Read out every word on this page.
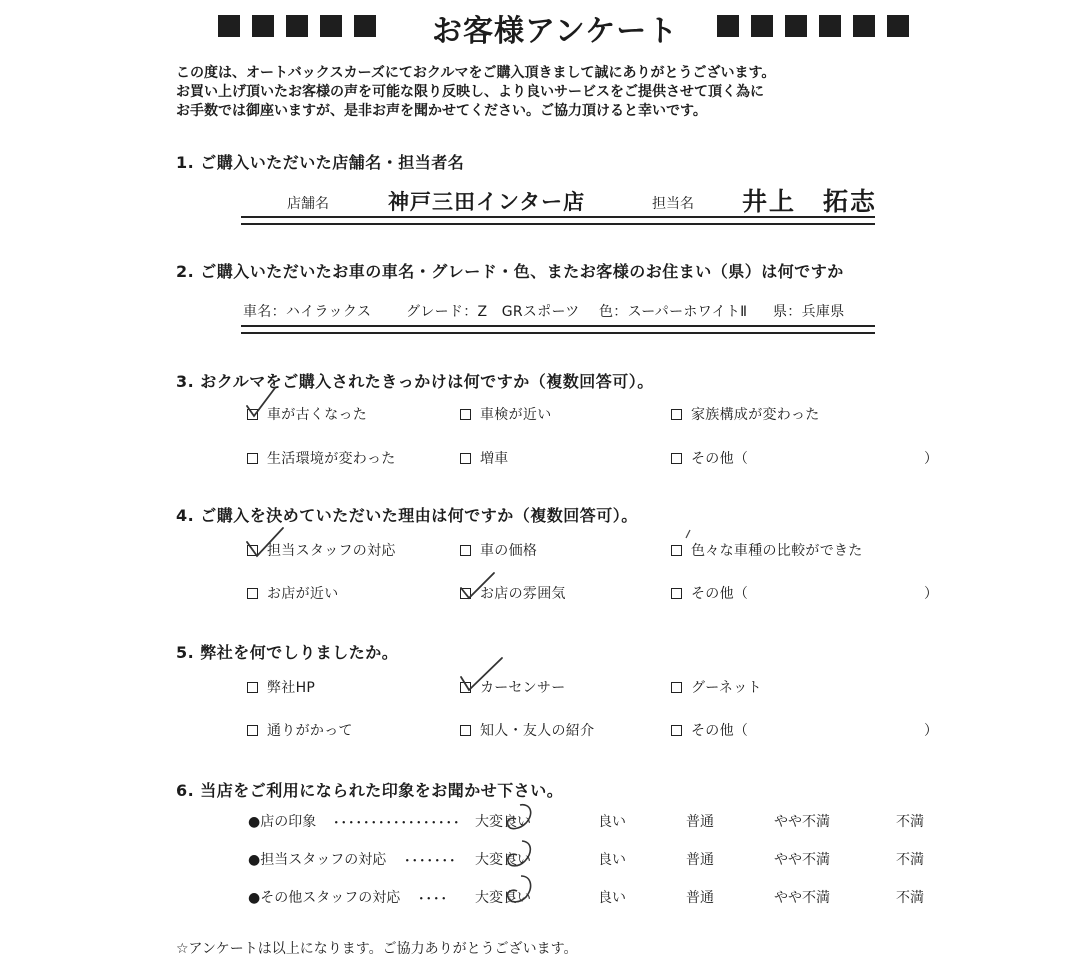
お客様アンケート
この度は、オートバックスカーズにておクルマをご購入頂きまして誠にありがとうございます。
お買い上げ頂いたお客様の声を可能な限り反映し、より良いサービスをご提供させて頂く為に
お手数では御座いますが、是非お声を聞かせてください。ご協力頂けると幸いです。
1. ご購入いただいた店舗名・担当者名
店舗名	神戸三田インター店	担当名 井上　拓志
2. ご購入いただいたお車の車名・グレード・色、またお客様のお住まい（県）は何ですか
車名：ハイラックス グレード：Z　GRスポーツ 色：スーパーホワイトⅡ 県：兵庫県
3. おクルマをご購入されたきっかけは何ですか（複数回答可）。
車が古くなった	車検が近い	家族構成が変わった
生活環境が変わった	増車	その他（	）
4. ご購入を決めていただいた理由は何ですか（複数回答可）。
担当スタッフの対応	車の価格	色々な車種の比較ができた
お店が近い	お店の雰囲気	その他（	）
5. 弊社を何でしりましたか。
弊社HP	カーセンサー	グーネット
通りがかって	知人・友人の紹介	その他（	）
6. 当店をご利用になられた印象をお聞かせ下さい。
●店の印象 ･････････････････ 大変良い	良い	普通	やや不満	不満
●担当スタッフの対応 ･･･････ 大変良い	良い	普通	やや不満	不満
●その他スタッフの対応 ････ 大変良い	良い	普通	やや不満	不満
☆アンケートは以上になります。ご協力ありがとうございます。
